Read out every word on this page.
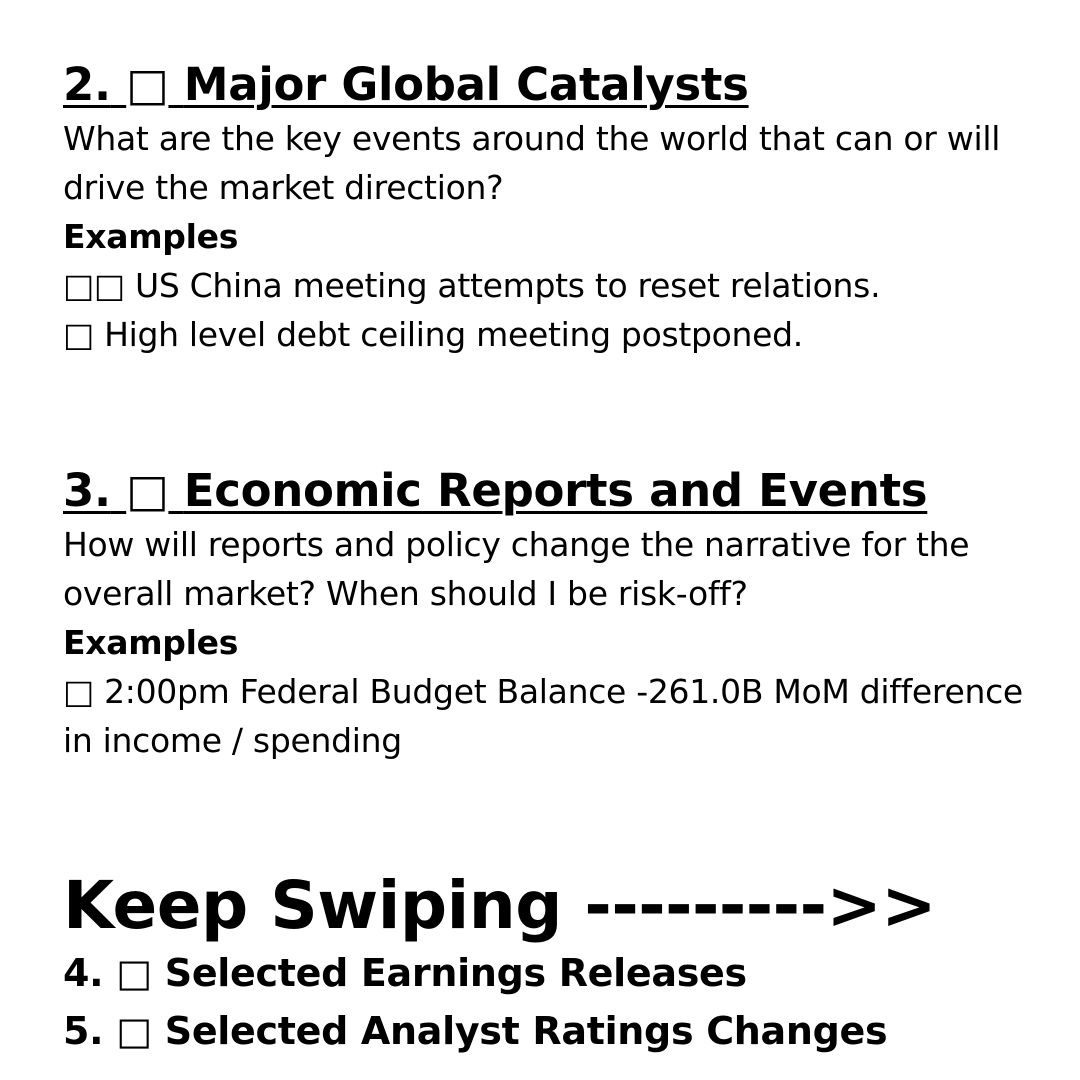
2. □ Major Global Catalysts

What are the key events around the world that can or will drive the market direction?

Examples

□□ US China meeting attempts to reset relations.

□ High level debt ceiling meeting postponed.

3. □ Economic Reports and Events

How will reports and policy change the narrative for the overall market? When should I be risk-off?

Examples

□ 2:00pm Federal Budget Balance -261.0B MoM difference in income / spending

Keep Swiping --------->>

4. □ Selected Earnings Releases

5. □ Selected Analyst Ratings Changes
